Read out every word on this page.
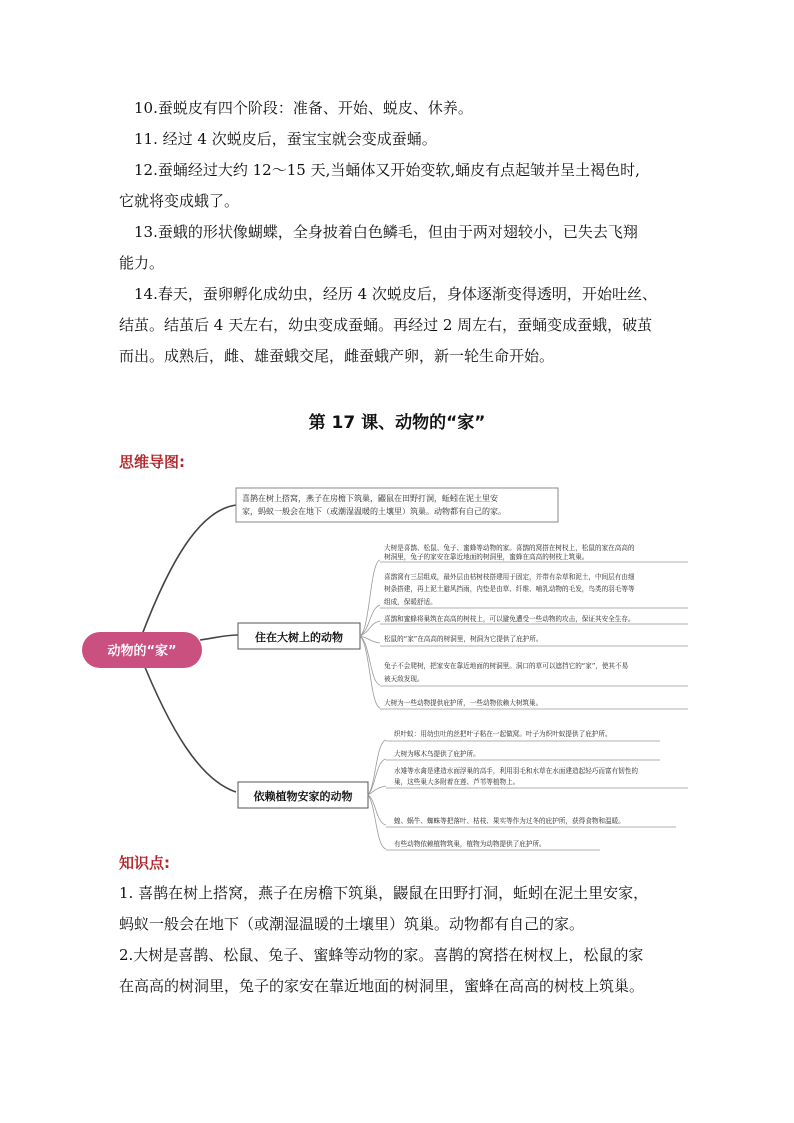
10.蚕蜕皮有四个阶段：准备、开始、蜕皮、休养。

11. 经过 4 次蜕皮后，蚕宝宝就会变成蚕蛹。

12.蚕蛹经过大约 12～15 天,当蛹体又开始变软,蛹皮有点起皱并呈土褐色时,
它就将变成蛾了。

13.蚕蛾的形状像蝴蝶，全身披着白色鳞毛，但由于两对翅较小，已失去飞翔
能力。

14.春天，蚕卵孵化成幼虫，经历 4 次蜕皮后，身体逐渐变得透明，开始吐丝、
结茧。结茧后 4 天左右，幼虫变成蚕蛹。再经过 2 周左右，蚕蛹变成蚕蛾，破茧
而出。成熟后，雌、雄蚕蛾交尾，雌蚕蛾产卵，新一轮生命开始。

第 17 课、动物的“家”
思维导图:
动物的“家”
喜鹊在树上搭窝，燕子在房檐下筑巢，鼹鼠在田野打洞，蚯蚓在泥土里安 家，蚂蚁一般会在地下（或潮湿温暖的土壤里）筑巢。动物都有自己的家。
住在大树上的动物
大树是喜鹊、松鼠、兔子、蜜蜂等动物的家。喜鹊的窝搭在树杈上，松鼠的家在高高的 树洞里，兔子的家安在靠近地面的树洞里，蜜蜂在高高的树枝上筑巢。 喜鹊窝有三层组成，最外层由枯树枝搭建用于固定，并带有杂草和泥土，中间层有由细 树条搭建，再上泥土避风挡雨，内垫是由草、纤维、哺乳动物的毛发，鸟类的羽毛等等 组成，保暖舒适。 喜鹊和蜜蜂将巢筑在高高的树枝上，可以避免遭受一些动物的攻击，保证其安全生存。 松鼠的“家”在高高的树洞里，树洞为它提供了庇护所。 兔子不会爬树，把家安在靠近地面的树洞里。洞口的草可以遮挡它的“家”，使其不易 被天敌发现。 大树为一些动物提供庇护所，一些动物依赖大树筑巢。
依赖植物安家的动物
织叶蚁：用幼虫吐的丝把叶子粘在一起做窝。叶子为织叶蚁提供了庇护所。 大树为啄木鸟提供了庇护所。 水雉等水禽是建造水面浮巢的高手，利用羽毛和水草在水面建造起轻巧而富有韧性的 巢，这些巢大多附着在莲、芦苇等植物上。 蝗、蜗牛、蜘蛛等把落叶、枯枝、果实等作为过冬的庇护所，获得食物和温暖。 有些动物依赖植物筑巢，植物为动物提供了庇护所。
知识点:

1. 喜鹊在树上搭窝，燕子在房檐下筑巢，鼹鼠在田野打洞，蚯蚓在泥土里安家，
蚂蚁一般会在地下（或潮湿温暖的土壤里）筑巢。动物都有自己的家。

2.大树是喜鹊、松鼠、兔子、蜜蜂等动物的家。喜鹊的窝搭在树杈上，松鼠的家
在高高的树洞里，兔子的家安在靠近地面的树洞里，蜜蜂在高高的树枝上筑巢。
